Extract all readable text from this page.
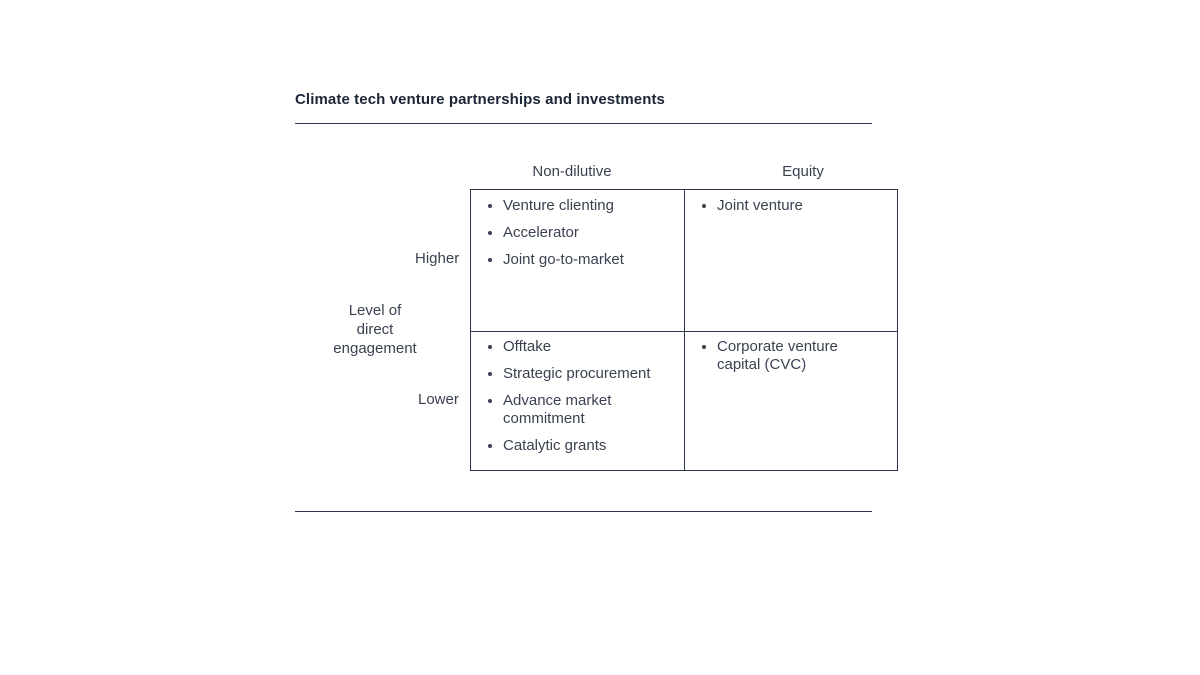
Climate tech venture partnerships and investments
Non-dilutive	Equity
Level of
direct
engagement
Higher
Lower
Venture clienting
Accelerator
Joint go-to-market
Joint venture
Offtake
Strategic procurement
Advance market commitment
Catalytic grants
Corporate venture capital (CVC)
